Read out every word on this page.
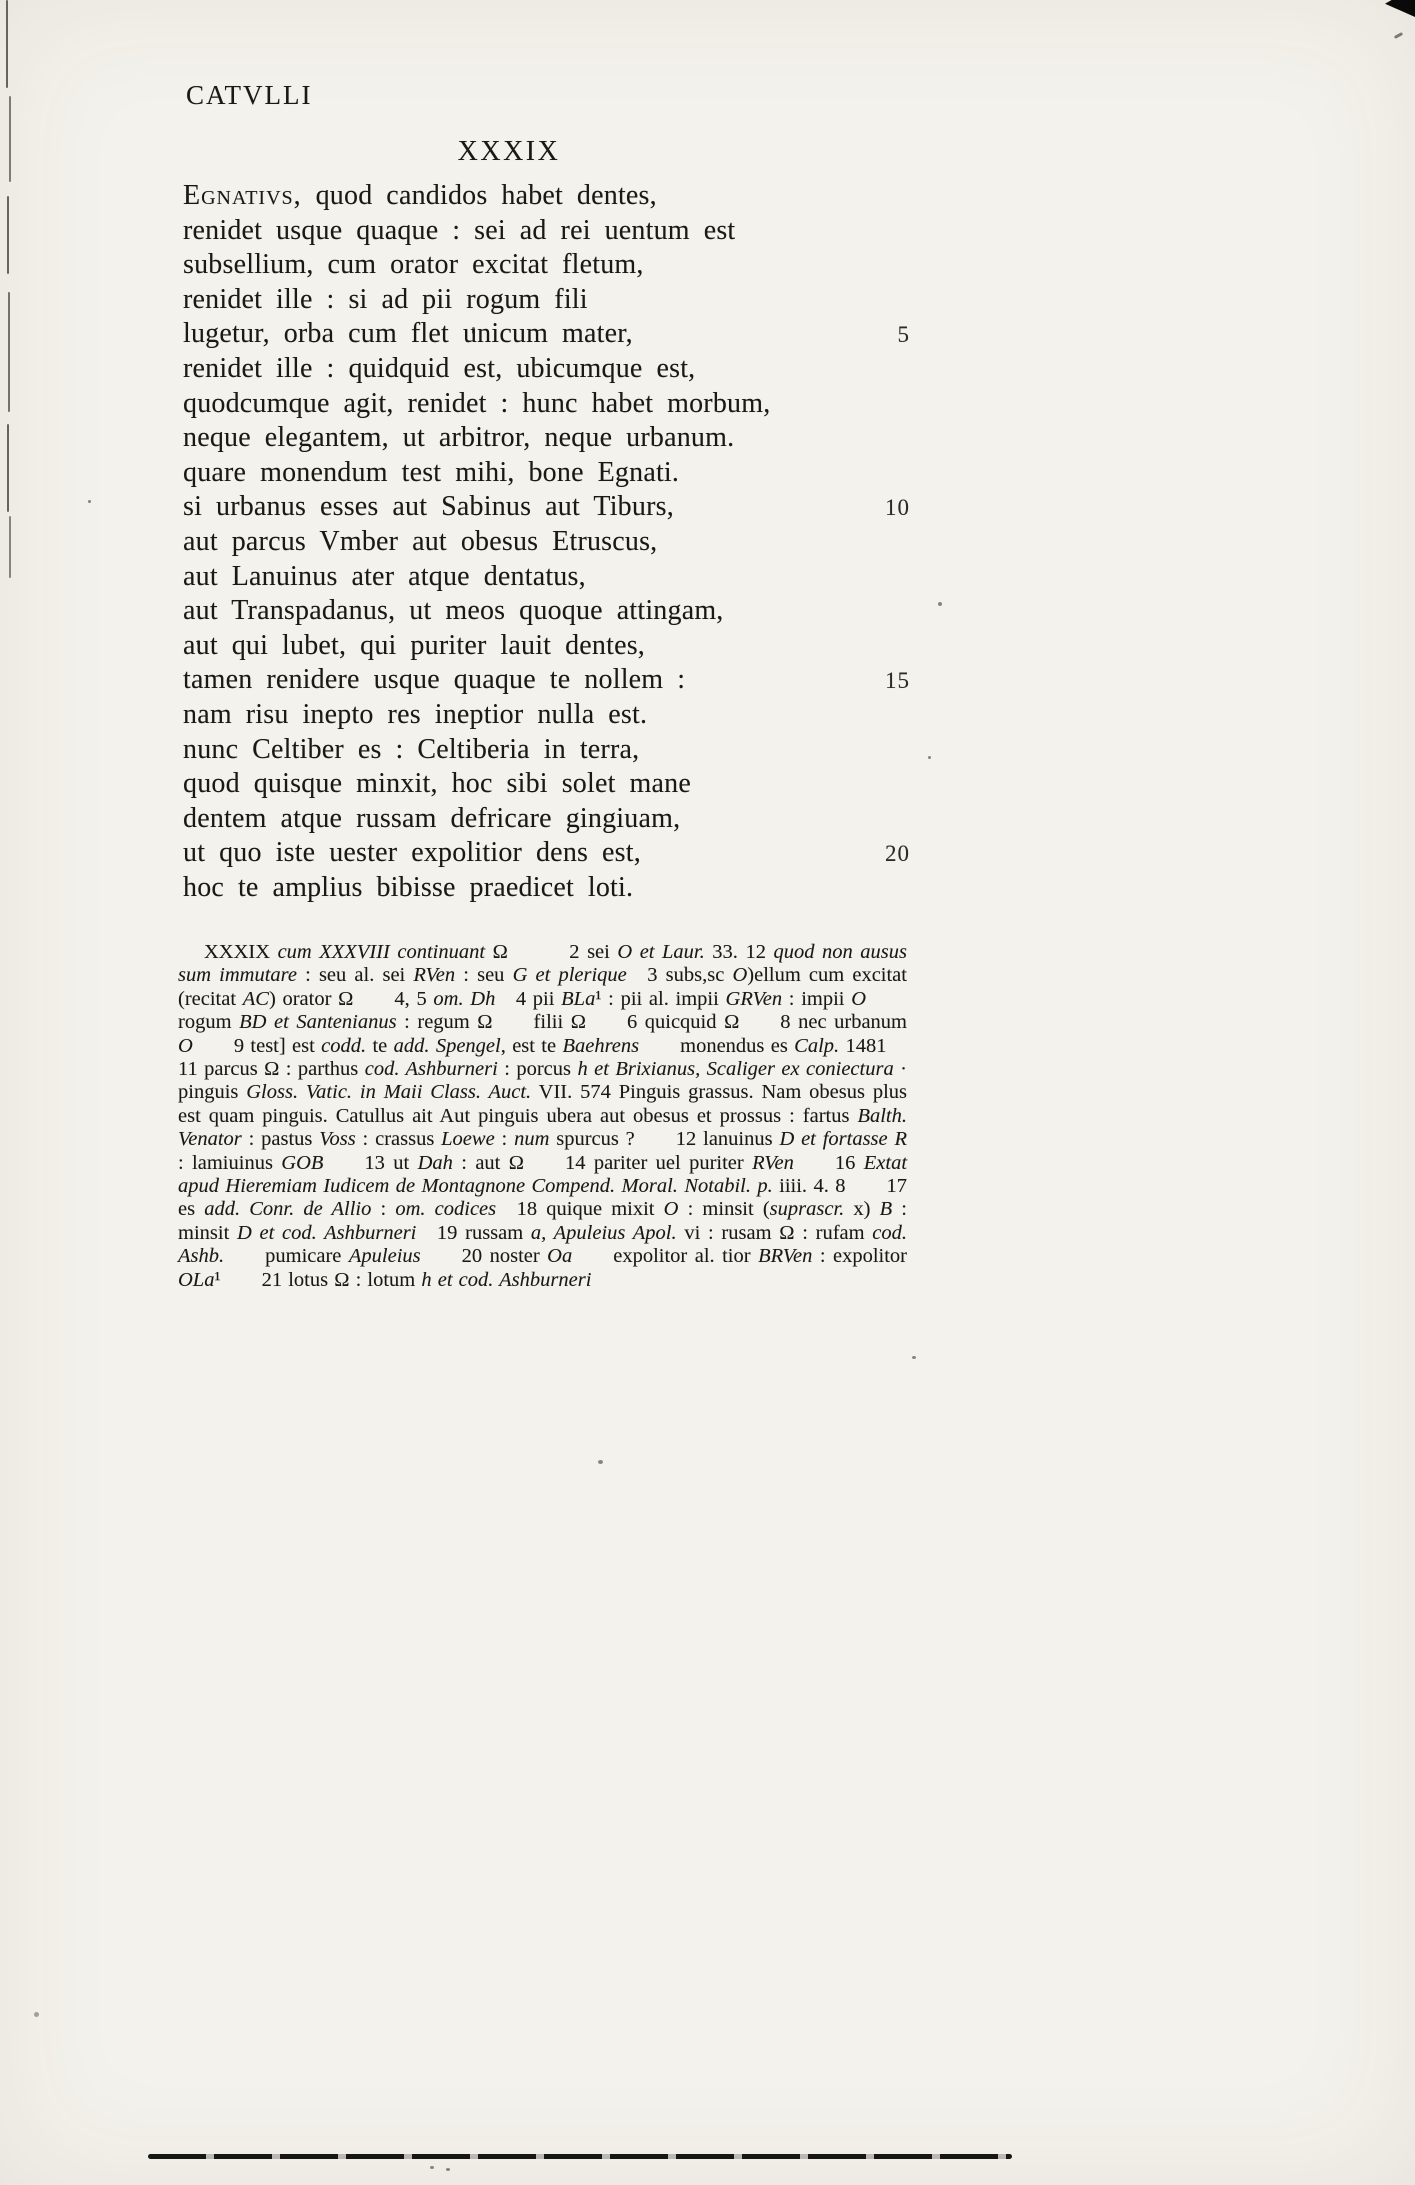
CATVLLI
XXXIX
Egnativs, quod candidos habet dentes,
renidet usque quaque : sei ad rei uentum est
subsellium, cum orator excitat fletum,
renidet ille : si ad pii rogum fili
lugetur, orba cum flet unicum mater,	5
renidet ille : quidquid est, ubicumque est,
quodcumque agit, renidet : hunc habet morbum,
neque elegantem, ut arbitror, neque urbanum.
quare monendum test mihi, bone Egnati.
si urbanus esses aut Sabinus aut Tiburs,	10
aut parcus Vmber aut obesus Etruscus,
aut Lanuinus ater atque dentatus,
aut Transpadanus, ut meos quoque attingam,
aut qui lubet, qui puriter lauit dentes,
tamen renidere usque quaque te nollem :	15
nam risu inepto res ineptior nulla est.
nunc Celtiber es : Celtiberia in terra,
quod quisque minxit, hoc sibi solet mane
dentem atque russam defricare gingiuam,
ut quo iste uester expolitior dens est,	20
hoc te amplius bibisse praedicet loti.
XXXIX cum XXXVIII continuant Ω   2 sei O et Laur. 33. 12 quod non ausus sum immutare : seu al. sei RVen : seu G et plerique 3 subs,sc O)ellum cum excitat (recitat AC) orator Ω  4, 5 om. Dh 4 pii BLa¹ : pii al. impii GRVen : impii O  rogum BD et Santenianus : regum Ω  filii Ω  6 quicquid Ω  8 nec urbanum O  9 test] est codd. te add. Spengel, est te Baehrens  monendus es Calp. 1481 11 parcus Ω : parthus cod. Ashburneri : porcus h et Brixianus, Scaliger ex coniectura · pinguis Gloss. Vatic. in Maii Class. Auct. VII. 574 Pinguis grassus. Nam obesus plus est quam pinguis. Catullus ait Aut pinguis ubera aut obesus et prossus : fartus Balth. Venator : pastus Voss : crassus Loewe : num spurcus ?  12 lanuinus D et fortasse R : lamiuinus GOB  13 ut Dah : aut Ω  14 pariter uel puriter RVen  16 Extat apud Hieremiam Iudicem de Montagnone Compend. Moral. Notabil. p. iiii. 4. 8  17 es add. Conr. de Allio : om. codices 18 quique mixit O : minsit (suprascr. x) B : minsit D et cod. Ashburneri 19 russam a, Apuleius Apol. vi : rusam Ω : rufam cod. Ashb.  pumicare Apuleius  20 noster Oa  expolitor al. tior BRVen : expolitor OLa¹  21 lotus Ω : lotum h et cod. Ashburneri
